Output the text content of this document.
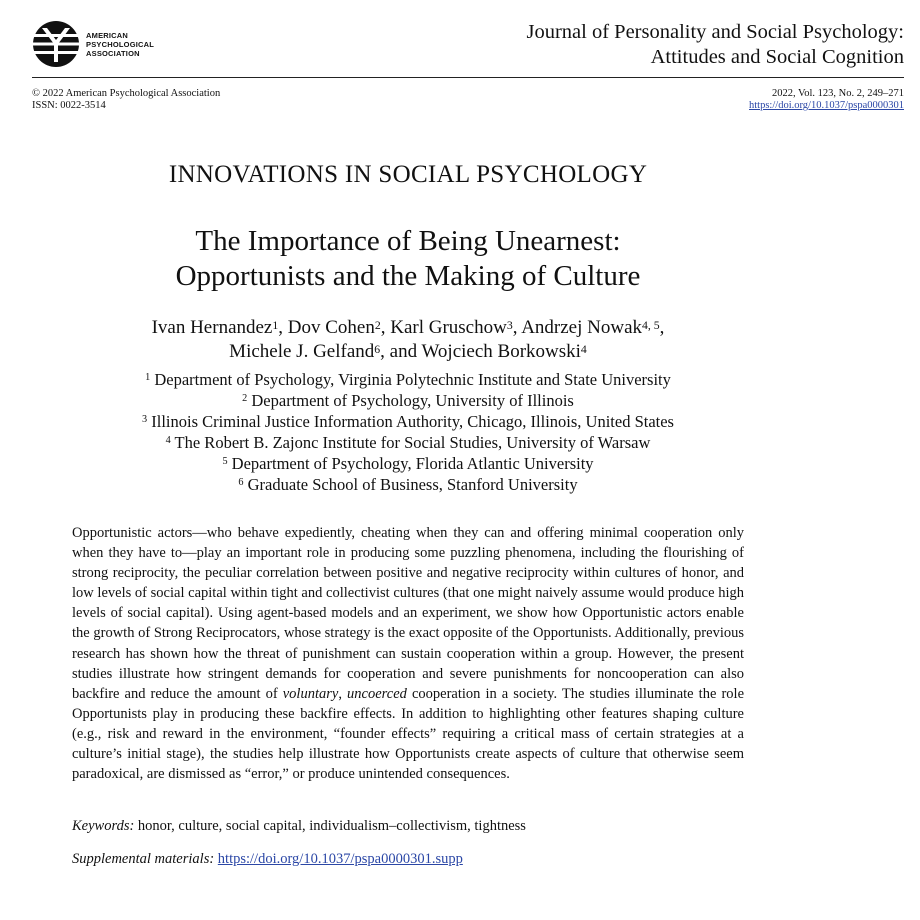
AMERICAN
PSYCHOLOGICAL
ASSOCIATION
Journal of Personality and Social Psychology:
Attitudes and Social Cognition
© 2022 American Psychological Association
ISSN: 0022-3514
2022, Vol. 123, No. 2, 249–271
https://doi.org/10.1037/pspa0000301
INNOVATIONS IN SOCIAL PSYCHOLOGY
The Importance of Being Unearnest:
Opportunists and the Making of Culture
Ivan Hernandez$^1$, Dov Cohen$^2$, Karl Gruschow$^3$, Andrzej Nowak$^{4, 5}$,
Michele J. Gelfand$^6$, and Wojciech Borkowski$^4$
$^1$ Department of Psychology, Virginia Polytechnic Institute and State University
$^2$ Department of Psychology, University of Illinois
$^3$ Illinois Criminal Justice Information Authority, Chicago, Illinois, United States
$^4$ The Robert B. Zajonc Institute for Social Studies, University of Warsaw
$^5$ Department of Psychology, Florida Atlantic University
$^6$ Graduate School of Business, Stanford University
Opportunistic actors—who behave expediently, cheating when they can and offering minimal cooperation only when they have to—play an important role in producing some puzzling phenomena, including the flourishing of strong reciprocity, the peculiar correlation between positive and negative reciprocity within cultures of honor, and low levels of social capital within tight and collectivist cultures (that one might naively assume would produce high levels of social capital). Using agent-based models and an experiment, we show how Opportunistic actors enable the growth of Strong Reciprocators, whose strategy is the exact opposite of the Opportunists. Additionally, previous research has shown how the threat of punishment can sustain cooperation within a group. However, the present studies illustrate how stringent demands for cooperation and severe punishments for noncooperation can also backfire and reduce the amount of voluntary, uncoerced cooperation in a society. The studies illuminate the role Opportunists play in producing these backfire effects. In addition to highlighting other features shaping culture (e.g., risk and reward in the environment, “founder effects” requiring a critical mass of certain strategies at a culture’s initial stage), the studies help illustrate how Opportunists create aspects of culture that otherwise seem paradoxical, are dismissed as “error,” or produce unintended consequences.
Keywords: honor, culture, social capital, individualism–collectivism, tightness
Supplemental materials: https://doi.org/10.1037/pspa0000301.supp
